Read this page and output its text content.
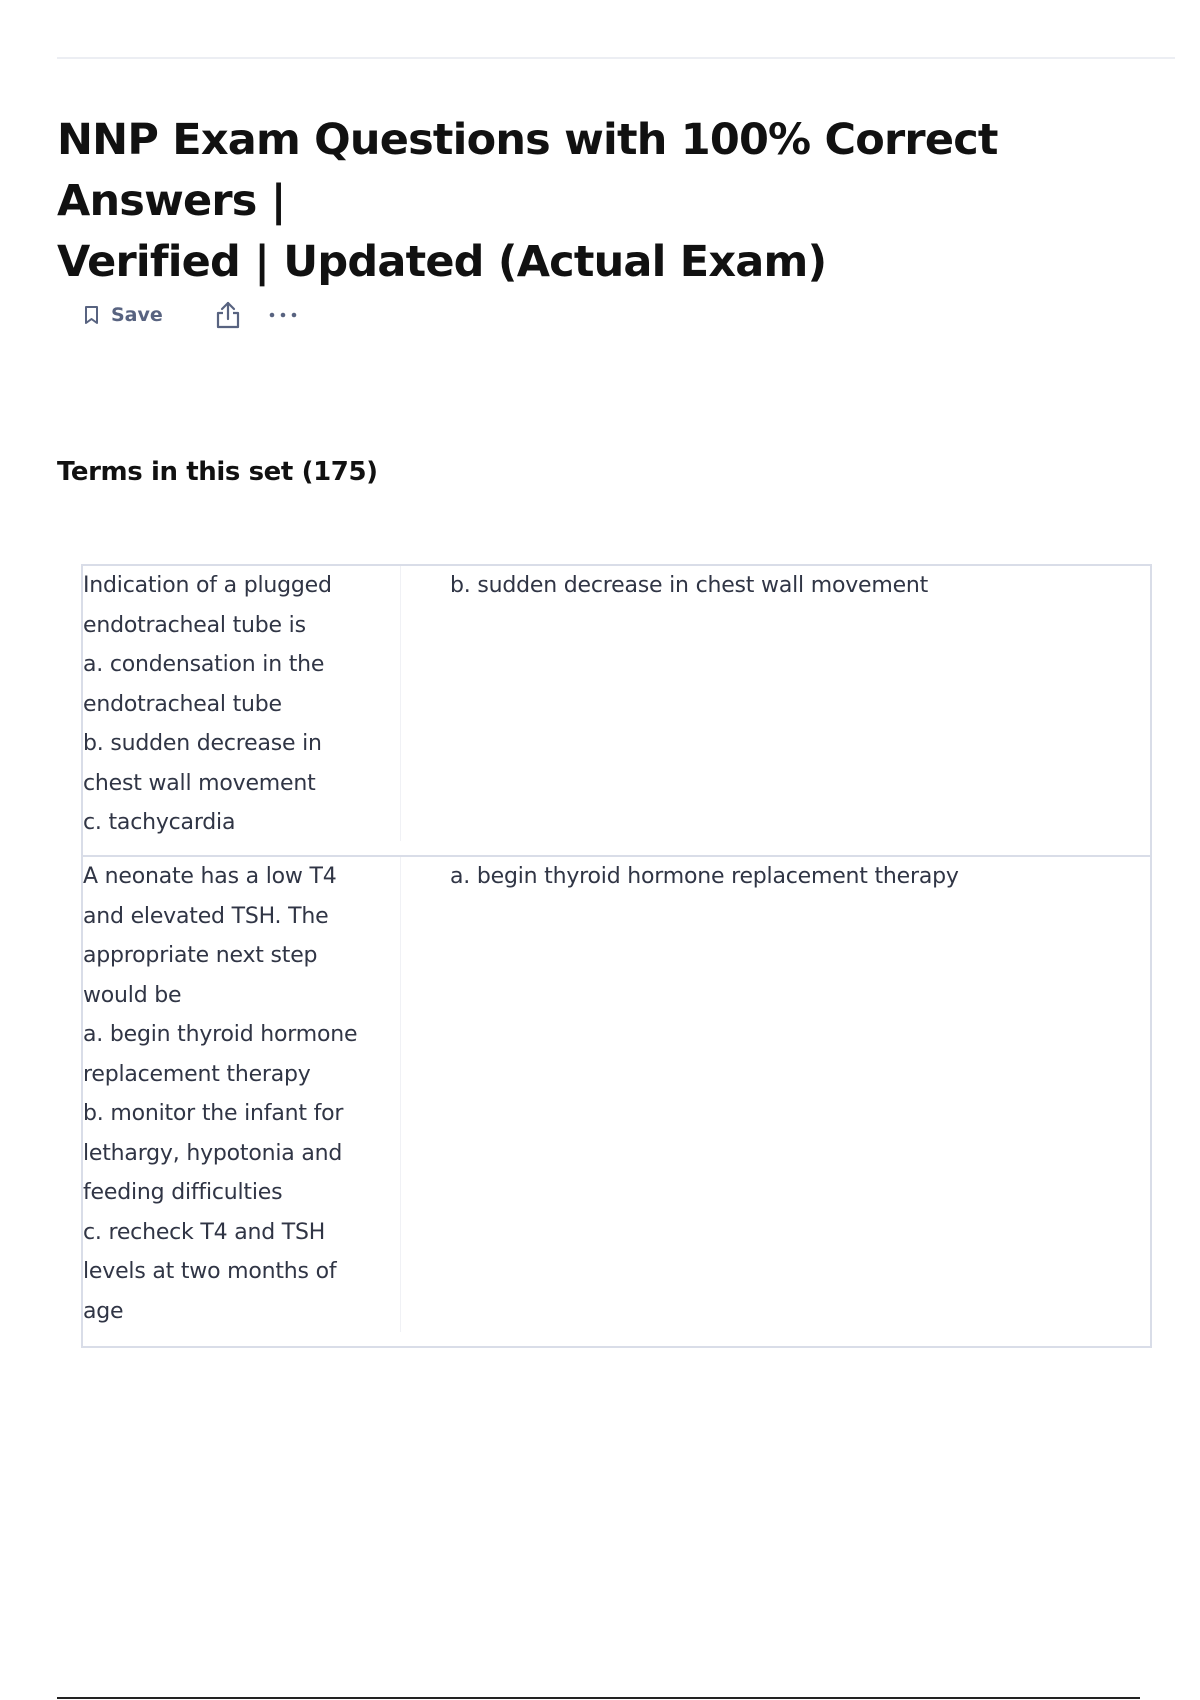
NNP Exam Questions with 100% Correct Answers |
Verified | Updated (Actual Exam)
Save
Terms in this set (175)
Indication of a plugged
endotracheal tube is
a. condensation in the
endotracheal tube
b. sudden decrease in
chest wall movement
c. tachycardia
b. sudden decrease in chest wall movement
A neonate has a low T4
and elevated TSH. The
appropriate next step
would be
a. begin thyroid hormone
replacement therapy
b. monitor the infant for
lethargy, hypotonia and
feeding difficulties
c. recheck T4 and TSH
levels at two months of
age
a. begin thyroid hormone replacement therapy
